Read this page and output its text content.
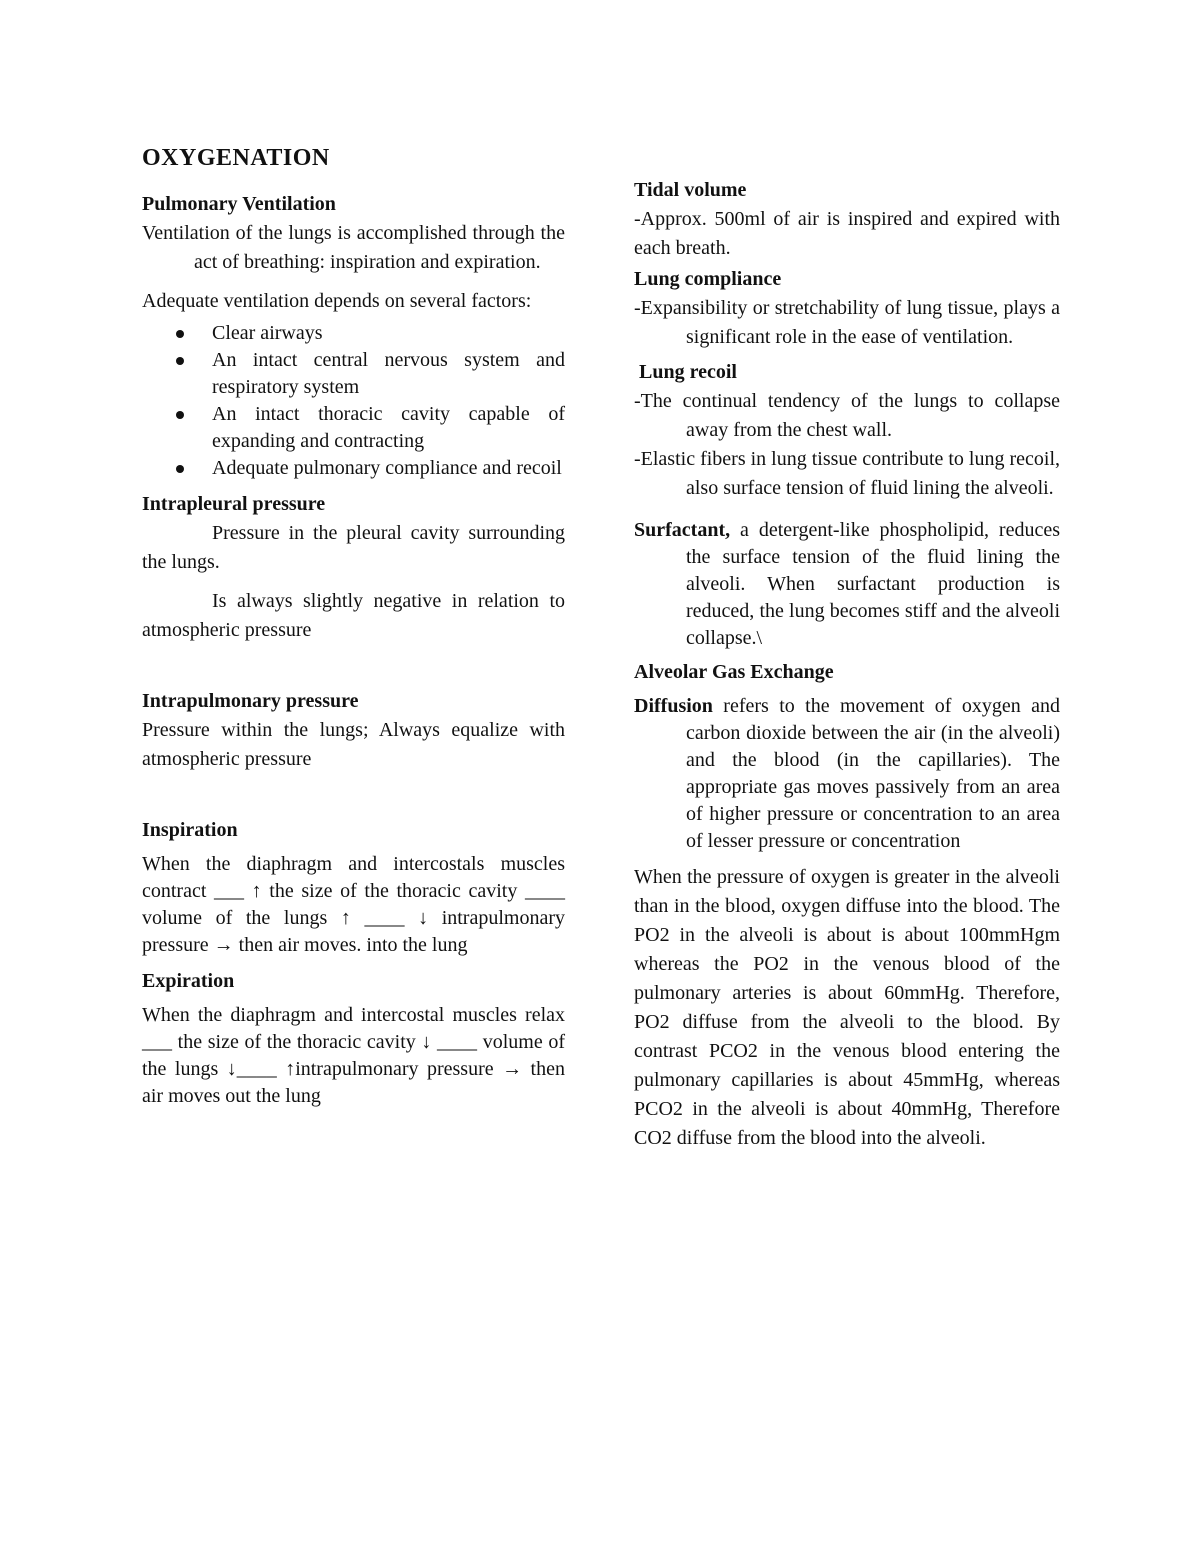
OXYGENATION
Pulmonary Ventilation

Ventilation of the lungs is accomplished through the act of breathing: inspiration and expiration.

Adequate ventilation depends on several factors:

Clear airways
An intact central nervous system and respiratory system
An intact thoracic cavity capable of expanding and contracting
Adequate pulmonary compliance and recoil
Intrapleural pressure

Pressure in the pleural cavity surrounding the lungs.

Is always slightly negative in relation to atmospheric pressure

Intrapulmonary pressure

Pressure within the lungs; Always equalize with atmospheric pressure

Inspiration

When the diaphragm and intercostals muscles contract ___ ↑ the size of the thoracic cavity ____ volume of the lungs ↑ ____ ↓ intrapulmonary pressure → then air moves. into the lung

Expiration

When the diaphragm and intercostal muscles relax ___ the size of the thoracic cavity ↓ ____ volume of the lungs ↓____ ↑intrapulmonary pressure → then air moves out the lung

Tidal volume

-Approx. 500ml of air is inspired and expired with each breath.

Lung compliance

-Expansibility or stretchability of lung tissue, plays a significant role in the ease of ventilation.

Lung recoil

-The continual tendency of the lungs to collapse away from the chest wall.

-Elastic fibers in lung tissue contribute to lung recoil, also surface tension of fluid lining the alveoli.

Surfactant, a detergent-like phospholipid, reduces the surface tension of the fluid lining the alveoli. When surfactant production is reduced, the lung becomes stiff and the alveoli collapse.\

Alveolar Gas Exchange

Diffusion refers to the movement of oxygen and carbon dioxide between the air (in the alveoli) and the blood (in the capillaries). The appropriate gas moves passively from an area of higher pressure or concentration to an area of lesser pressure or concentration

When the pressure of oxygen is greater in the alveoli than in the blood, oxygen diffuse into the blood. The PO2 in the alveoli is about is about 100mmHgm whereas the PO2 in the venous blood of the pulmonary arteries is about 60mmHg. Therefore, PO2 diffuse from the alveoli to the blood. By contrast PCO2 in the venous blood entering the pulmonary capillaries is about 45mmHg, whereas PCO2 in the alveoli is about 40mmHg, Therefore CO2 diffuse from the blood into the alveoli.
